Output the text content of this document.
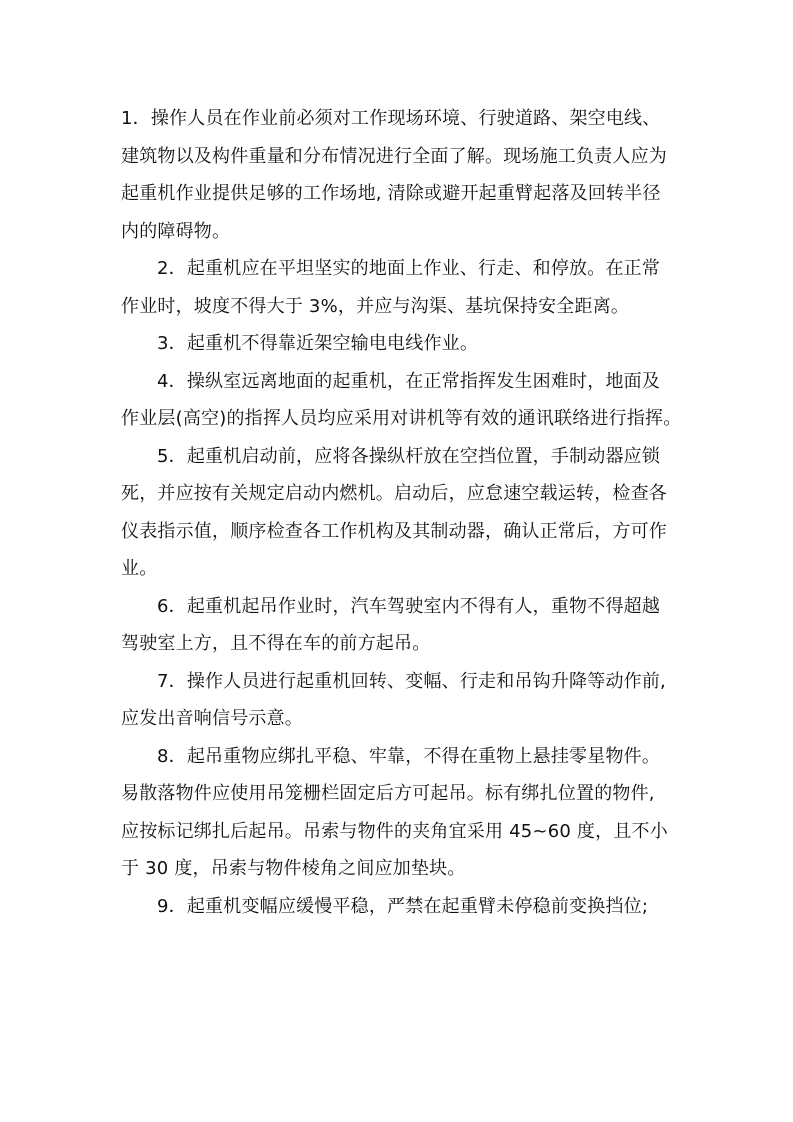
1．操作人员在作业前必须对工作现场环境、行驶道路、架空电线、
建筑物以及构件重量和分布情况进行全面了解。现场施工负责人应为
起重机作业提供足够的工作场地, 清除或避开起重臂起落及回转半径
内的障碍物。
2．起重机应在平坦坚实的地面上作业、行走、和停放。在正常
作业时，坡度不得大于 3%，并应与沟渠、基坑保持安全距离。
3．起重机不得靠近架空输电电线作业。
4．操纵室远离地面的起重机，在正常指挥发生困难时，地面及
作业层(高空)的指挥人员均应采用对讲机等有效的通讯联络进行指挥。
5．起重机启动前，应将各操纵杆放在空挡位置，手制动器应锁
死，并应按有关规定启动内燃机。启动后，应怠速空载运转，检查各
仪表指示值，顺序检查各工作机构及其制动器，确认正常后，方可作
业。
6．起重机起吊作业时，汽车驾驶室内不得有人，重物不得超越
驾驶室上方，且不得在车的前方起吊。
7．操作人员进行起重机回转、变幅、行走和吊钩升降等动作前,
应发出音响信号示意。
8．起吊重物应绑扎平稳、牢靠，不得在重物上悬挂零星物件。
易散落物件应使用吊笼栅栏固定后方可起吊。标有绑扎位置的物件,
应按标记绑扎后起吊。吊索与物件的夹角宜采用 45~60 度，且不小
于 30 度，吊索与物件棱角之间应加垫块。
9．起重机变幅应缓慢平稳，严禁在起重臂未停稳前变换挡位;
